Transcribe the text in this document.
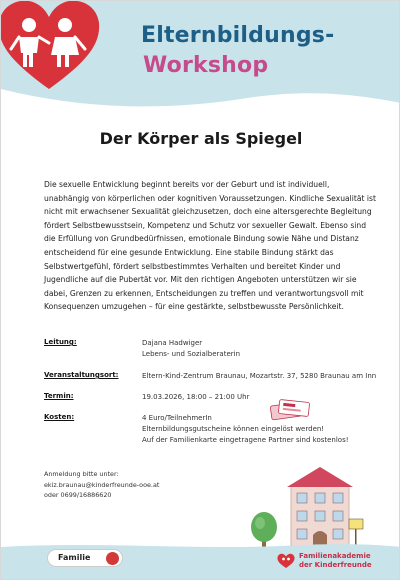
Elternbildungs-
Workshop
Der Körper als Spiegel
Die sexuelle Entwicklung beginnt bereits vor der Geburt und ist individuell, unabhängig von körperlichen oder kognitiven Voraussetzungen. Kindliche Sexualität ist nicht mit erwachsener Sexualität gleichzusetzen, doch eine altersgerechte Begleitung fördert Selbstbewusstsein, Kompetenz und Schutz vor sexueller Gewalt. Ebenso sind die Erfüllung von Grundbedürfnissen, emotionale Bindung sowie Nähe und Distanz entscheidend für eine gesunde Entwicklung. Eine stabile Bindung stärkt das Selbstwertgefühl, fördert selbstbestimmtes Verhalten und bereitet Kinder und Jugendliche auf die Pubertät vor. Mit den richtigen Angeboten unterstützen wir sie dabei, Grenzen zu erkennen, Entscheidungen zu treffen und verantwortungsvoll mit Konsequenzen umzugehen – für eine gestärkte, selbstbewusste Persönlichkeit.
Leitung:	Dajana Hadwiger
Lebens- und Sozialberaterin
Veranstaltungsort:	Eltern-Kind-Zentrum Braunau, Mozartstr. 37, 5280 Braunau am Inn
Termin:	19.03.2026, 18:00 – 21:00 Uhr
Kosten:	4 Euro/TeilnehmerIn
Elternbildungsgutscheine können eingelöst werden!
Auf der Familienkarte eingetragene Partner sind kostenlos!
Anmeldung bitte unter:
ekiz.braunau@kinderfreunde-ooe.at
oder 0699/16886620
Familie	Familienakademie
der Kinderfreunde
